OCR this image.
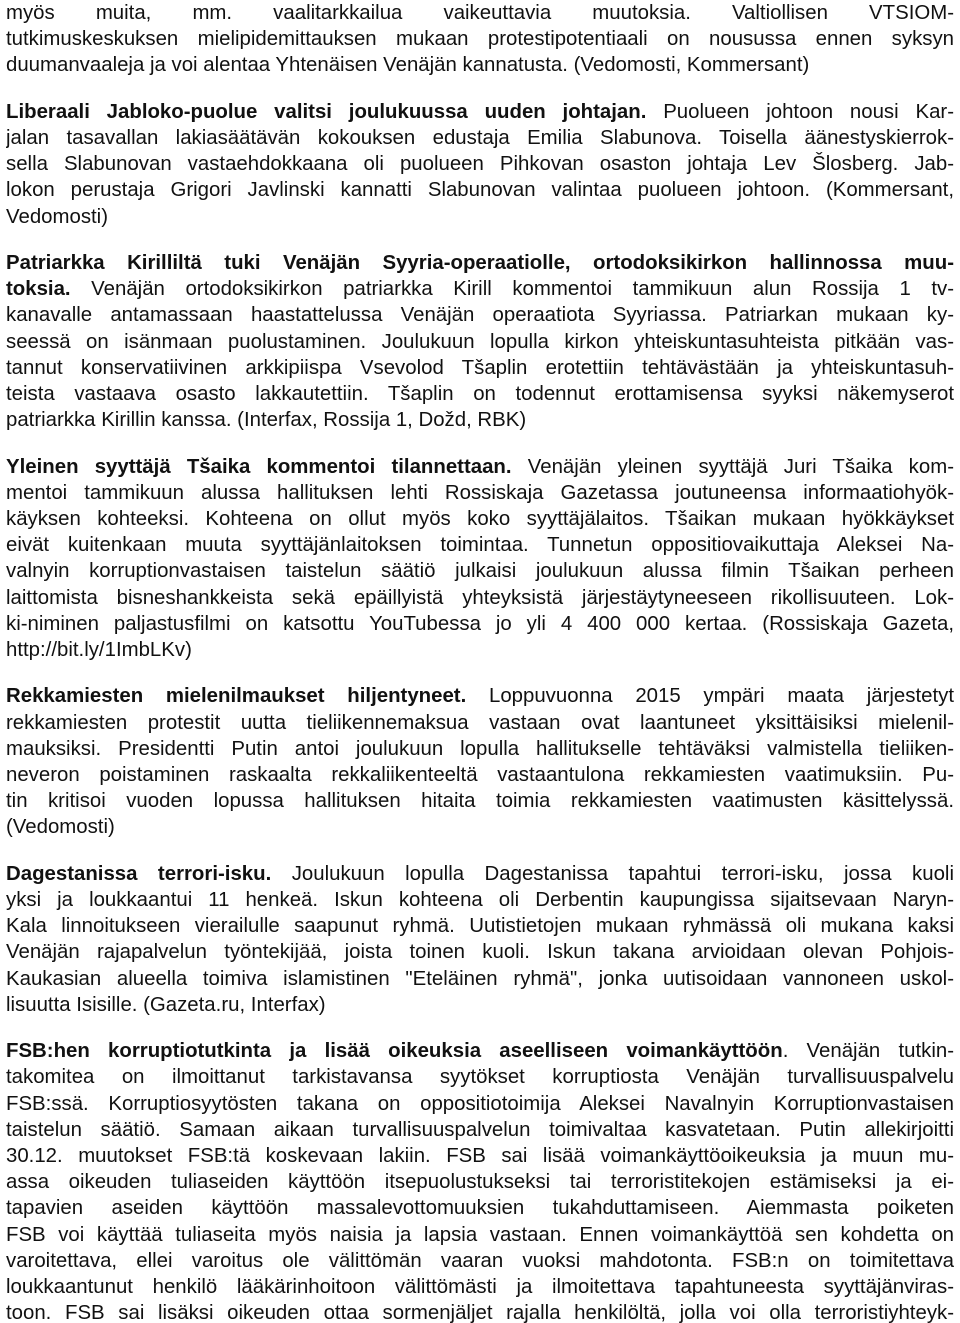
myös muita, mm. vaalitarkkailua vaikeuttavia muutoksia. Valtiollisen VTSIOM-
tutkimuskeskuksen mielipidemittauksen mukaan protestipotentiaali on nousussa ennen syksyn
duumanvaaleja ja voi alentaa Yhtenäisen Venäjän kannatusta. (Vedomosti, Kommersant)
Liberaali Jabloko-puolue valitsi joulukuussa uuden johtajan. Puolueen johtoon nousi Kar-
jalan tasavallan lakiasäätävän kokouksen edustaja Emilia Slabunova. Toisella äänestyskierrok-
sella Slabunovan vastaehdokkaana oli puolueen Pihkovan osaston johtaja Lev Šlosberg. Jab-
lokon perustaja Grigori Javlinski kannatti Slabunovan valintaa puolueen johtoon. (Kommersant,
Vedomosti)
Patriarkka Kirilliltä tuki Venäjän Syyria-operaatiolle, ortodoksikirkon hallinnossa muu-
toksia. Venäjän ortodoksikirkon patriarkka Kirill kommentoi tammikuun alun Rossija 1 tv-
kanavalle antamassaan haastattelussa Venäjän operaatiota Syyriassa. Patriarkan mukaan ky-
seessä on isänmaan puolustaminen. Joulukuun lopulla kirkon yhteiskuntasuhteista pitkään vas-
tannut konservatiivinen arkkipiispa Vsevolod Tšaplin erotettiin tehtävästään ja yhteiskuntasuh-
teista vastaava osasto lakkautettiin. Tšaplin on todennut erottamisensa syyksi näkemyserot
patriarkka Kirillin kanssa. (Interfax, Rossija 1, Dožd, RBK)
Yleinen syyttäjä Tšaika kommentoi tilannettaan. Venäjän yleinen syyttäjä Juri Tšaika kom-
mentoi tammikuun alussa hallituksen lehti Rossiskaja Gazetassa joutuneensa informaatiohyök-
käyksen kohteeksi. Kohteena on ollut myös koko syyttäjälaitos. Tšaikan mukaan hyökkäykset
eivät kuitenkaan muuta syyttäjänlaitoksen toimintaa. Tunnetun oppositiovaikuttaja Aleksei Na-
valnyin korruptionvastaisen taistelun säätiö julkaisi joulukuun alussa filmin Tšaikan perheen
laittomista bisneshankkeista sekä epäillyistä yhteyksistä järjestäytyneeseen rikollisuuteen. Lok-
ki-niminen paljastusfilmi on katsottu YouTubessa jo yli 4 400 000 kertaa. (Rossiskaja Gazeta,
http://bit.ly/1ImbLKv)
Rekkamiesten mielenilmaukset hiljentyneet. Loppuvuonna 2015 ympäri maata järjestetyt
rekkamiesten protestit uutta tieliikennemaksua vastaan ovat laantuneet yksittäisiksi mielenil-
mauksiksi. Presidentti Putin antoi joulukuun lopulla hallitukselle tehtäväksi valmistella tieliiken-
neveron poistaminen raskaalta rekkaliikenteeltä vastaantulona rekkamiesten vaatimuksiin. Pu-
tin kritisoi vuoden lopussa hallituksen hitaita toimia rekkamiesten vaatimusten käsittelyssä.
(Vedomosti)
Dagestanissa terrori-isku. Joulukuun lopulla Dagestanissa tapahtui terrori-isku, jossa kuoli
yksi ja loukkaantui 11 henkeä. Iskun kohteena oli Derbentin kaupungissa sijaitsevaan Naryn-
Kala linnoitukseen vierailulle saapunut ryhmä. Uutistietojen mukaan ryhmässä oli mukana kaksi
Venäjän rajapalvelun työntekijää, joista toinen kuoli. Iskun takana arvioidaan olevan Pohjois-
Kaukasian alueella toimiva islamistinen "Eteläinen ryhmä", jonka uutisoidaan vannoneen uskol-
lisuutta Isisille. (Gazeta.ru, Interfax)
FSB:hen korruptiotutkinta ja lisää oikeuksia aseelliseen voimankäyttöön. Venäjän tutkin-
takomitea on ilmoittanut tarkistavansa syytökset korruptiosta Venäjän turvallisuuspalvelu
FSB:ssä. Korruptiosyytösten takana on oppositiotoimija Aleksei Navalnyin Korruptionvastaisen
taistelun säätiö. Samaan aikaan turvallisuuspalvelun toimivaltaa kasvatetaan. Putin allekirjoitti
30.12. muutokset FSB:tä koskevaan lakiin. FSB sai lisää voimankäyttöoikeuksia ja muun mu-
assa oikeuden tuliaseiden käyttöön itsepuolustukseksi tai terroristitekojen estämiseksi ja ei-
tapavien aseiden käyttöön massalevottomuuksien tukahduttamiseen. Aiemmasta poiketen
FSB voi käyttää tuliaseita myös naisia ja lapsia vastaan. Ennen voimankäyttöä sen kohdetta on
varoitettava, ellei varoitus ole välittömän vaaran vuoksi mahdotonta. FSB:n on toimitettava
loukkaantunut henkilö lääkärinhoitoon välittömästi ja ilmoitettava tapahtuneesta syyttäjänviras-
toon. FSB sai lisäksi oikeuden ottaa sormenjäljet rajalla henkilöltä, jolla voi olla terroristiyhteyk-
